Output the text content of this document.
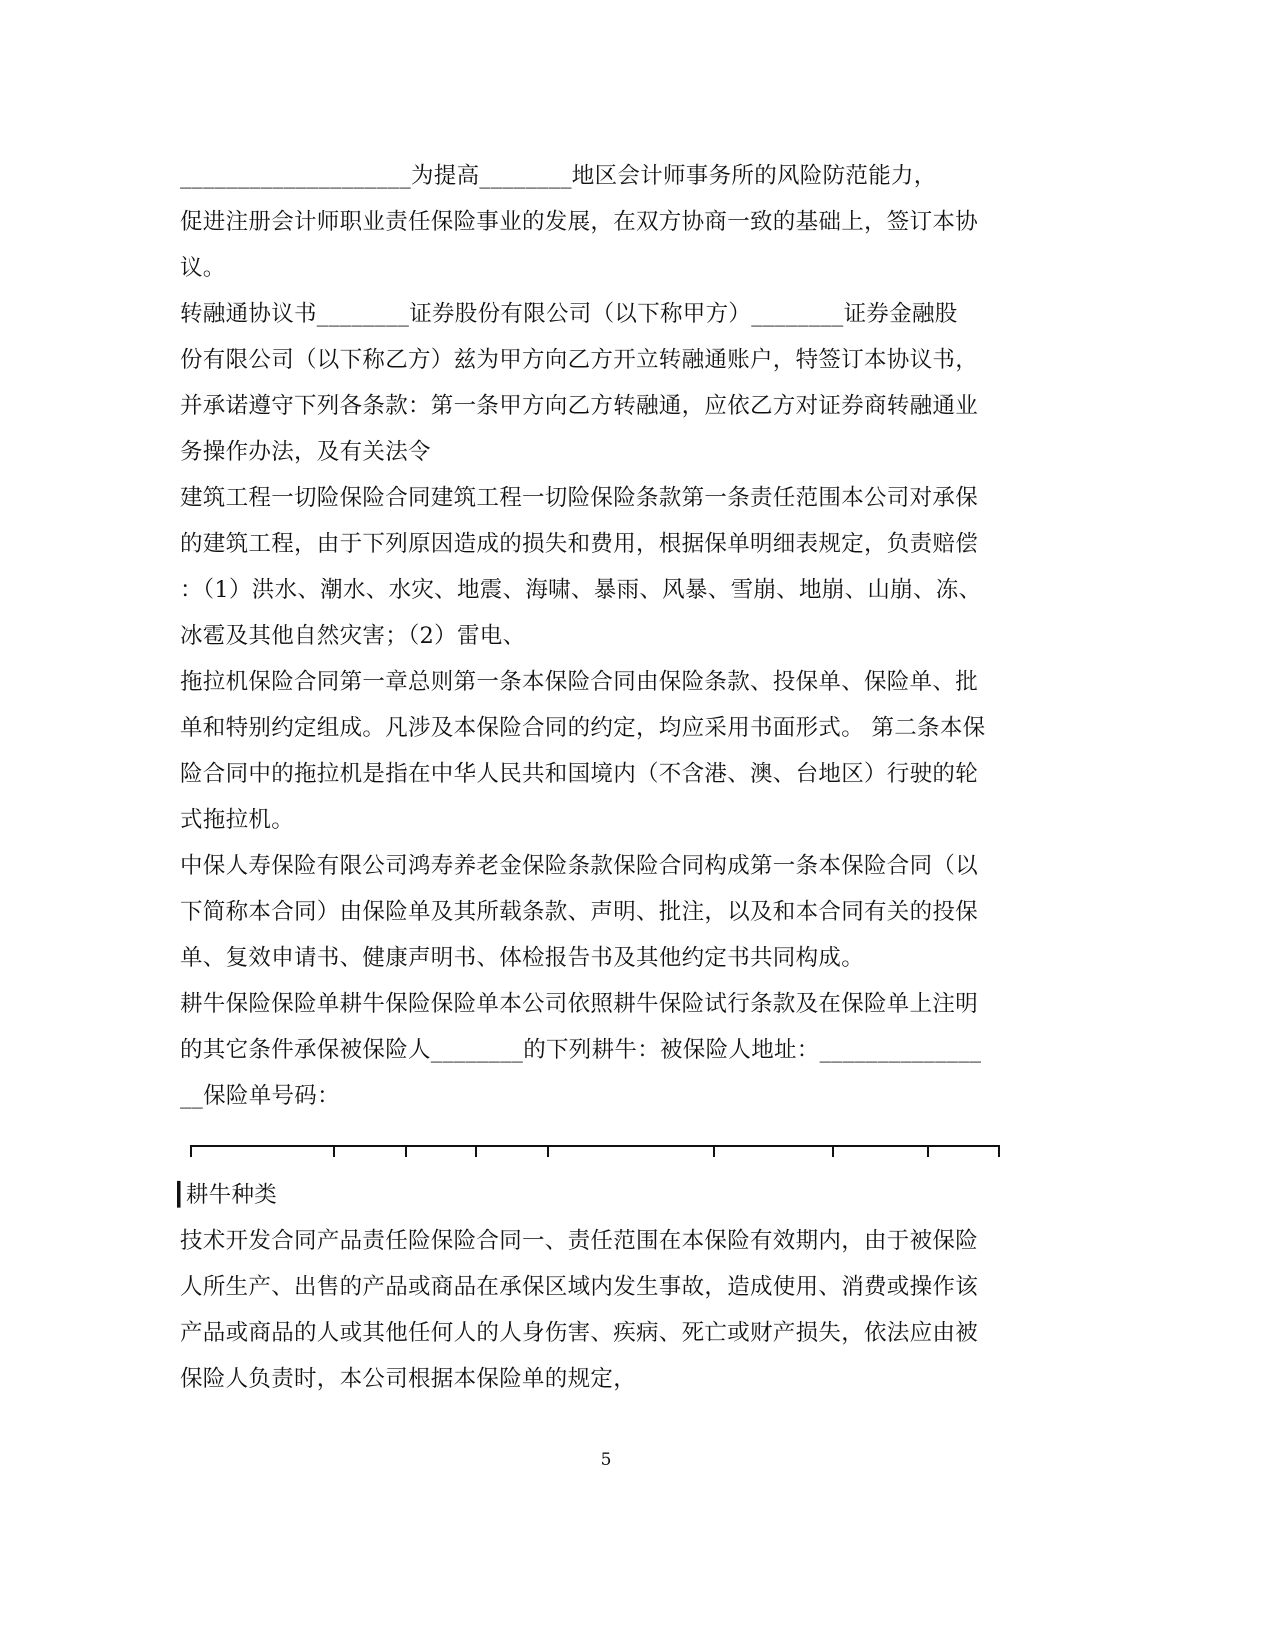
____________________为提高________地区会计师事务所的风险防范能力，
促进注册会计师职业责任保险事业的发展，在双方协商一致的基础上，签订本协
议。
转融通协议书________证券股份有限公司（以下称甲方）________证券金融股
份有限公司（以下称乙方）兹为甲方向乙方开立转融通账户，特签订本协议书，
并承诺遵守下列各条款：第一条甲方向乙方转融通，应依乙方对证券商转融通业
务操作办法，及有关法令
建筑工程一切险保险合同建筑工程一切险保险条款第一条责任范围本公司对承保
的建筑工程，由于下列原因造成的损失和费用，根据保单明细表规定，负责赔偿
：（1）洪水、潮水、水灾、地震、海啸、暴雨、风暴、雪崩、地崩、山崩、冻、
冰雹及其他自然灾害；（2）雷电、
拖拉机保险合同第一章总则第一条本保险合同由保险条款、投保单、保险单、批
单和特别约定组成。凡涉及本保险合同的约定，均应采用书面形式。 第二条本保
险合同中的拖拉机是指在中华人民共和国境内（不含港、澳、台地区）行驶的轮
式拖拉机。
中保人寿保险有限公司鸿寿养老金保险条款保险合同构成第一条本保险合同（以
下简称本合同）由保险单及其所载条款、声明、批注，以及和本合同有关的投保
单、复效申请书、健康声明书、体检报告书及其他约定书共同构成。
耕牛保险保险单耕牛保险保险单本公司依照耕牛保险试行条款及在保险单上注明
的其它条件承保被保险人________的下列耕牛：被保险人地址：______________
__保险单号码：
┃耕牛种类
技术开发合同产品责任险保险合同一、责任范围在本保险有效期内，由于被保险
人所生产、出售的产品或商品在承保区域内发生事故，造成使用、消费或操作该
产品或商品的人或其他任何人的人身伤害、疾病、死亡或财产损失，依法应由被
保险人负责时，本公司根据本保险单的规定，
5
